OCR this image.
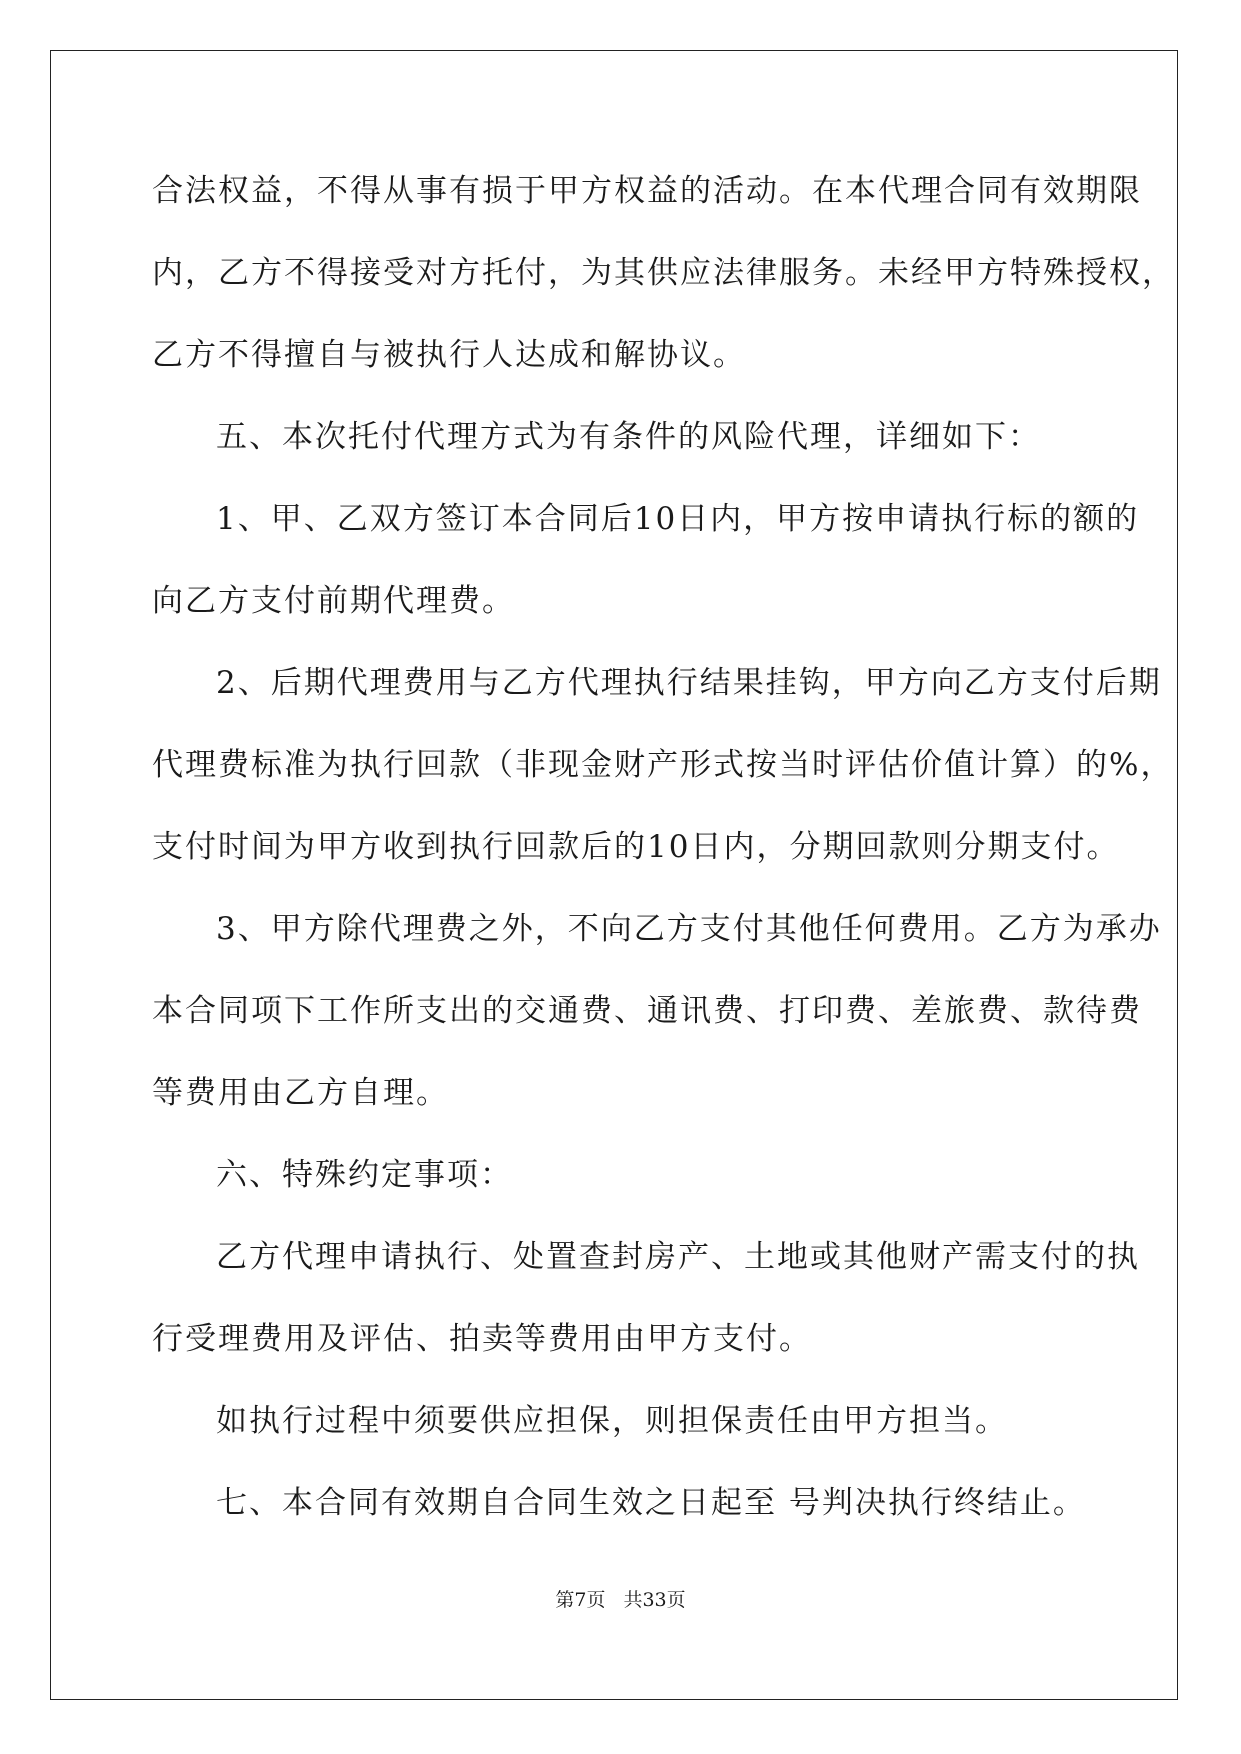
合法权益，不得从事有损于甲方权益的活动。在本代理合同有效期限
内，乙方不得接受对方托付，为其供应法律服务。未经甲方特殊授权，
乙方不得擅自与被执行人达成和解协议。
五、本次托付代理方式为有条件的风险代理，详细如下：
1、甲、乙双方签订本合同后10日内，甲方按申请执行标的额的
向乙方支付前期代理费。
2、后期代理费用与乙方代理执行结果挂钩，甲方向乙方支付后期
代理费标准为执行回款（非现金财产形式按当时评估价值计算）的%，
支付时间为甲方收到执行回款后的10日内，分期回款则分期支付。
3、甲方除代理费之外，不向乙方支付其他任何费用。乙方为承办
本合同项下工作所支出的交通费、通讯费、打印费、差旅费、款待费
等费用由乙方自理。
六、特殊约定事项：
乙方代理申请执行、处置查封房产、土地或其他财产需支付的执
行受理费用及评估、拍卖等费用由甲方支付。
如执行过程中须要供应担保，则担保责任由甲方担当。
七、本合同有效期自合同生效之日起至 号判决执行终结止。
第7页 共33页
